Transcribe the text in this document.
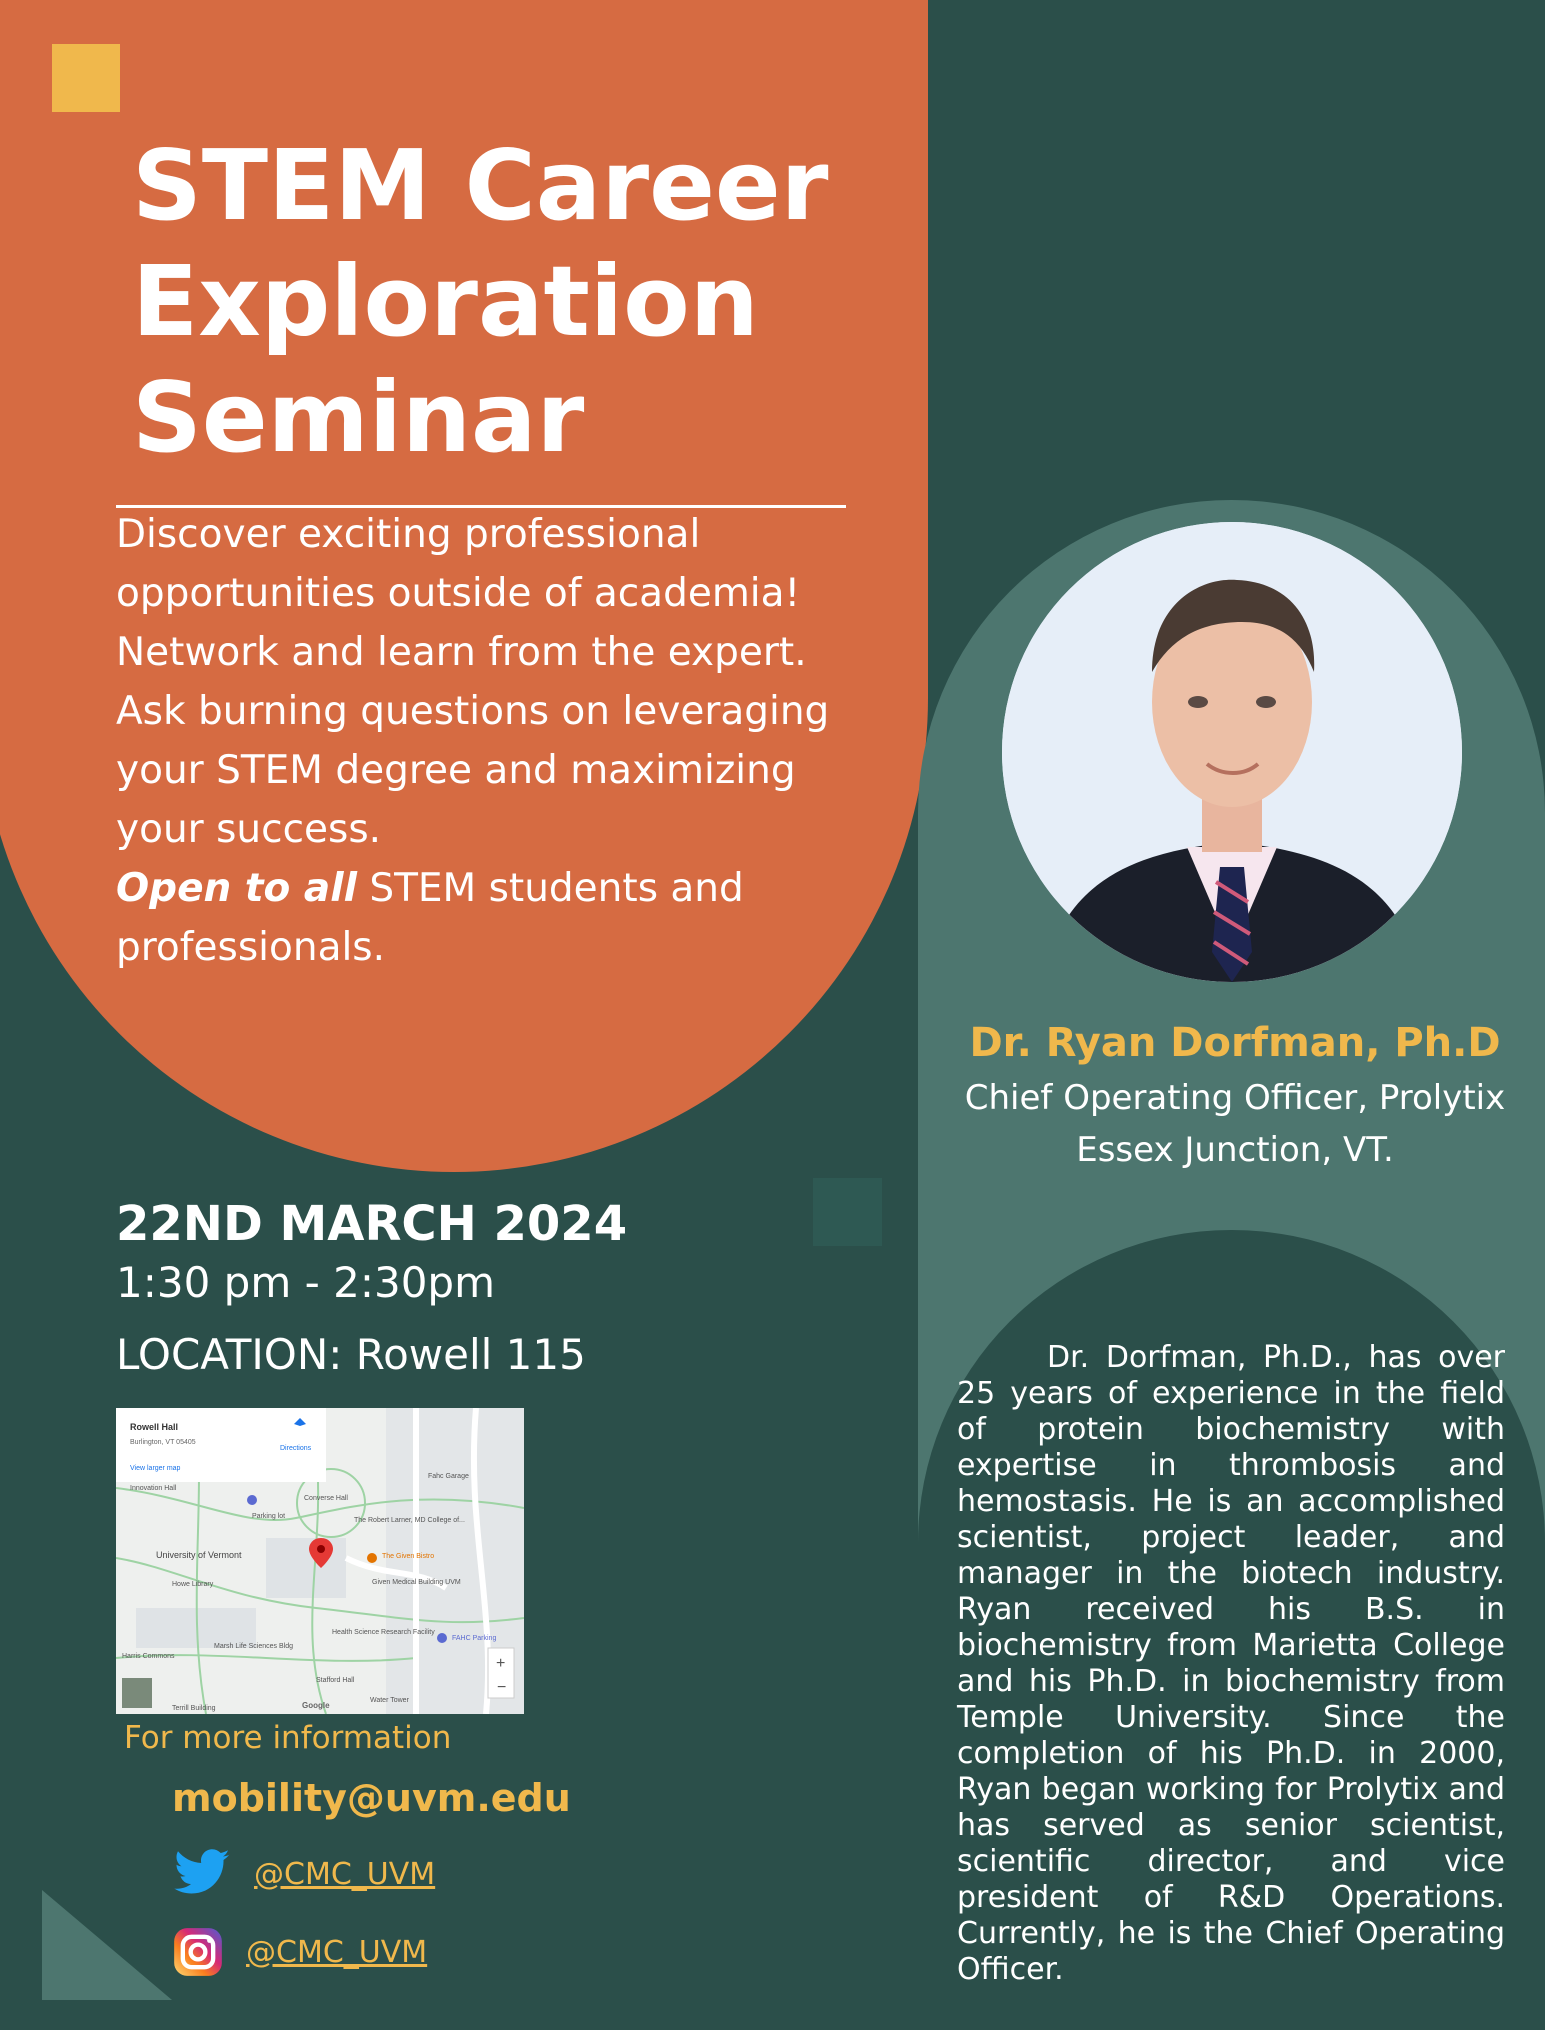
STEM Career Exploration Seminar
Discover exciting professional opportunities outside of academia! Network and learn from the expert. Ask burning questions on leveraging your STEM degree and maximizing your success.
Open to all STEM students and professionals.
22ND MARCH 2024
1:30 pm - 2:30pm
LOCATION: Rowell 115
Rowell Hall
Burlington, VT 05405
View larger map
Directions
Innovation Hall
University of Vermont
Howe Library
Parking lot
Converse Hall
The Robert Larner, MD College of...
The Given Bistro
Given Medical Building UVM
Health Science Research Facility
Marsh Life Sciences Bldg
Stafford Hall
FAHC Parking
Fahc Garage
Harris Commons
Terrill Building
Water Tower
+
−
Google
For more information
mobility@uvm.edu
@CMC_UVM
@CMC_UVM
Dr. Ryan Dorfman, Ph.D
Chief Operating Officer, Prolytix
Essex Junction, VT.
Dr. Dorfman, Ph.D., has over 25 years of experience in the field of protein biochemistry with expertise in thrombosis and hemostasis. He is an accomplished scientist, project leader, and manager in the biotech industry. Ryan received his B.S. in biochemistry from Marietta College and his Ph.D. in biochemistry from Temple University. Since the completion of his Ph.D. in 2000, Ryan began working for Prolytix and has served as senior scientist, scientific director, and vice president of R&D Operations. Currently, he is the Chief Operating Officer.
